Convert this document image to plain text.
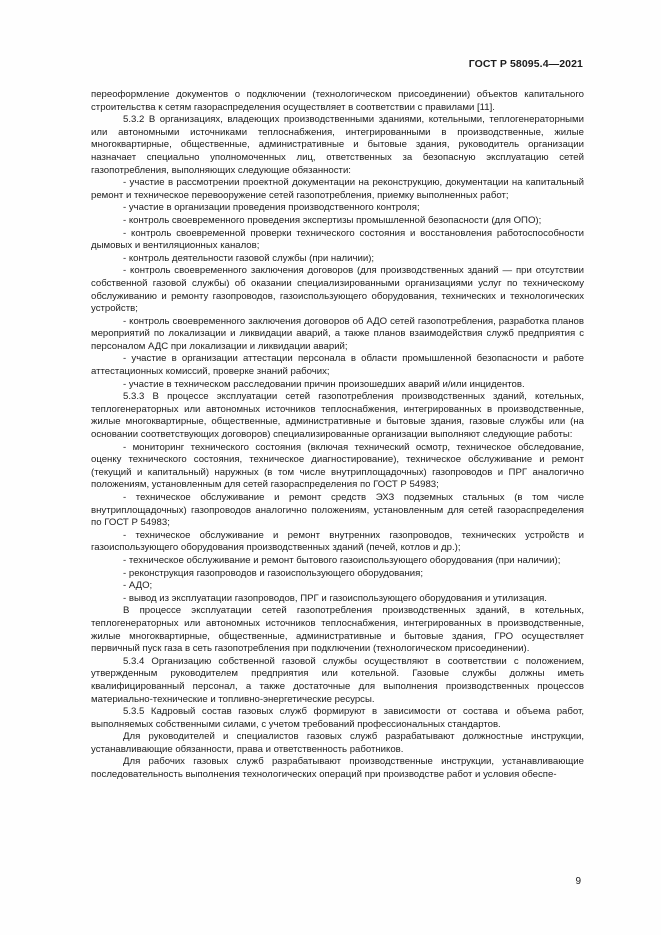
ГОСТ Р 58095.4—2021

переоформление документов о подключении (технологическом присоединении) объектов капитального строительства к сетям газораспределения осуществляет в соответствии с правилами [11].

5.3.2 В организациях, владеющих производственными зданиями, котельными, теплогенераторными или автономными источниками теплоснабжения, интегрированными в производственные, жилые многоквартирные, общественные, административные и бытовые здания, руководитель организации назначает специально уполномоченных лиц, ответственных за безопасную эксплуатацию сетей газопотребления, выполняющих следующие обязанности:

- участие в рассмотрении проектной документации на реконструкцию, документации на капитальный ремонт и техническое перевооружение сетей газопотребления, приемку выполненных работ;

- участие в организации проведения производственного контроля;

- контроль своевременного проведения экспертизы промышленной безопасности (для ОПО);

- контроль своевременной проверки технического состояния и восстановления работоспособности дымовых и вентиляционных каналов;

- контроль деятельности газовой службы (при наличии);

- контроль своевременного заключения договоров (для производственных зданий — при отсутствии собственной газовой службы) об оказании специализированными организациями услуг по техническому обслуживанию и ремонту газопроводов, газоиспользующего оборудования, технических и технологических устройств;

- контроль своевременного заключения договоров об АДО сетей газопотребления, разработка планов мероприятий по локализации и ликвидации аварий, а также планов взаимодействия служб предприятия с персоналом АДС при локализации и ликвидации аварий;

- участие в организации аттестации персонала в области промышленной безопасности и работе аттестационных комиссий, проверке знаний рабочих;

- участие в техническом расследовании причин произошедших аварий и/или инцидентов.

5.3.3 В процессе эксплуатации сетей газопотребления производственных зданий, котельных, теплогенераторных или автономных источников теплоснабжения, интегрированных в производственные, жилые многоквартирные, общественные, административные и бытовые здания, газовые службы или (на основании соответствующих договоров) специализированные организации выполняют следующие работы:

- мониторинг технического состояния (включая технический осмотр, техническое обследование, оценку технического состояния, техническое диагностирование), техническое обслуживание и ремонт (текущий и капитальный) наружных (в том числе внутриплощадочных) газопроводов и ПРГ аналогично положениям, установленным для сетей газораспределения по ГОСТ Р 54983;

- техническое обслуживание и ремонт средств ЭХЗ подземных стальных (в том числе внутриплощадочных) газопроводов аналогично положениям, установленным для сетей газораспределения по ГОСТ Р 54983;

- техническое обслуживание и ремонт внутренних газопроводов, технических устройств и газоиспользующего оборудования производственных зданий (печей, котлов и др.);

- техническое обслуживание и ремонт бытового газоиспользующего оборудования (при наличии);

- реконструкция газопроводов и газоиспользующего оборудования;

- АДО;

- вывод из эксплуатации газопроводов, ПРГ и газоиспользующего оборудования и утилизация.

В процессе эксплуатации сетей газопотребления производственных зданий, в котельных, теплогенераторных или автономных источников теплоснабжения, интегрированных в производственные, жилые многоквартирные, общественные, административные и бытовые здания, ГРО осуществляет первичный пуск газа в сеть газопотребления при подключении (технологическом присоединении).

5.3.4 Организацию собственной газовой службы осуществляют в соответствии с положением, утвержденным руководителем предприятия или котельной. Газовые службы должны иметь квалифицированный персонал, а также достаточные для выполнения производственных процессов материально-технические и топливно-энергетические ресурсы.

5.3.5 Кадровый состав газовых служб формируют в зависимости от состава и объема работ, выполняемых собственными силами, с учетом требований профессиональных стандартов.

Для руководителей и специалистов газовых служб разрабатывают должностные инструкции, устанавливающие обязанности, права и ответственность работников.

Для рабочих газовых служб разрабатывают производственные инструкции, устанавливающие последовательность выполнения технологических операций при производстве работ и условия обеспе-

9
